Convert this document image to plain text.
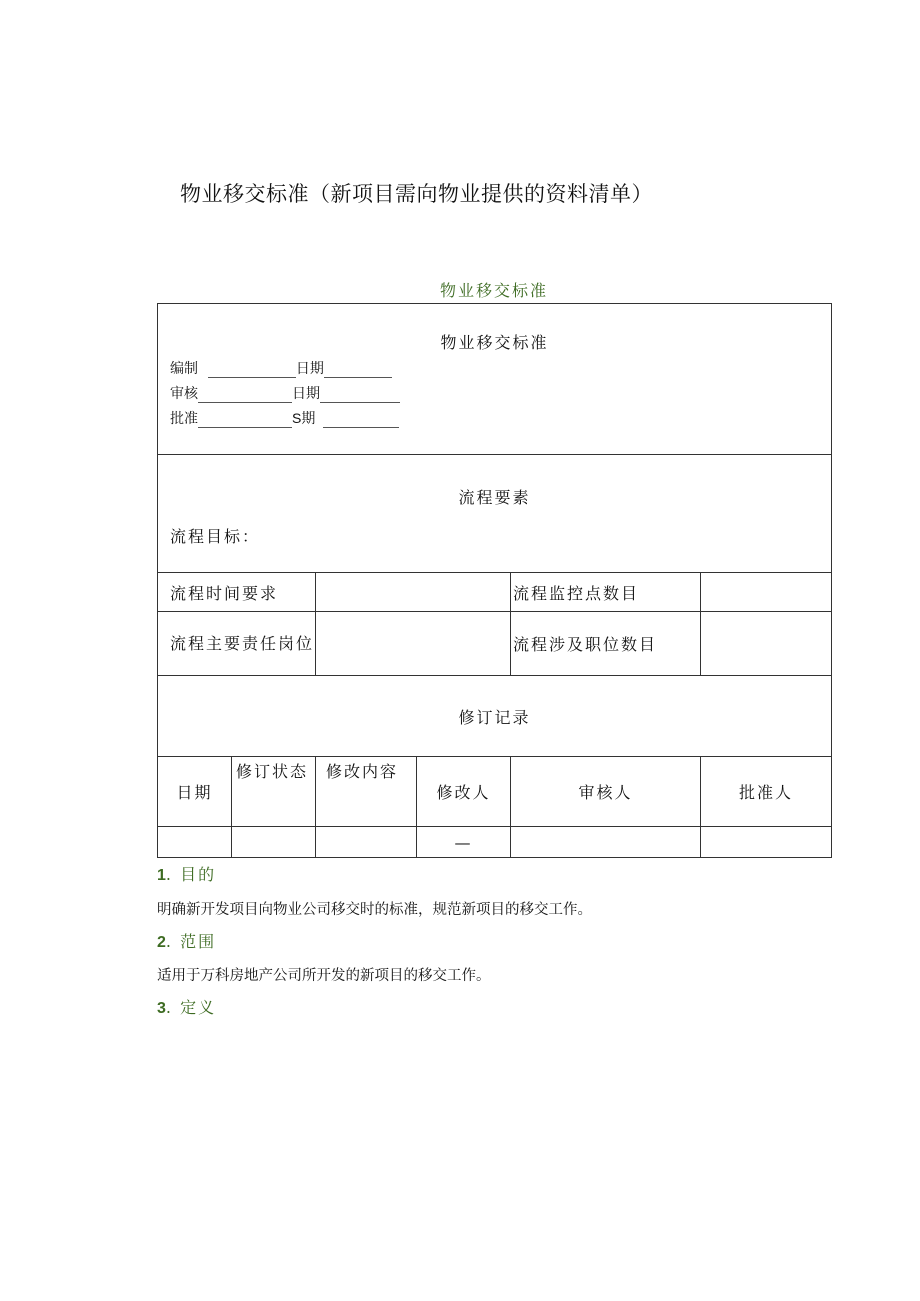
物业移交标准（新项目需向物业提供的资料清单）
物业移交标准
物业移交标准
编制 日期
审核 日期
批准 S期					

流程要素
流程目标：					

流程时间要求				流程监控点数目	
流程主要责任岗位				流程涉及职位数目	
修订记录					
日期	修订状态	修改内容	修改人	审核人	批准人
			—		
1. 目的
明确新开发项目向物业公司移交时的标准，规范新项目的移交工作。
2. 范围
适用于万科房地产公司所开发的新项目的移交工作。
3. 定义
